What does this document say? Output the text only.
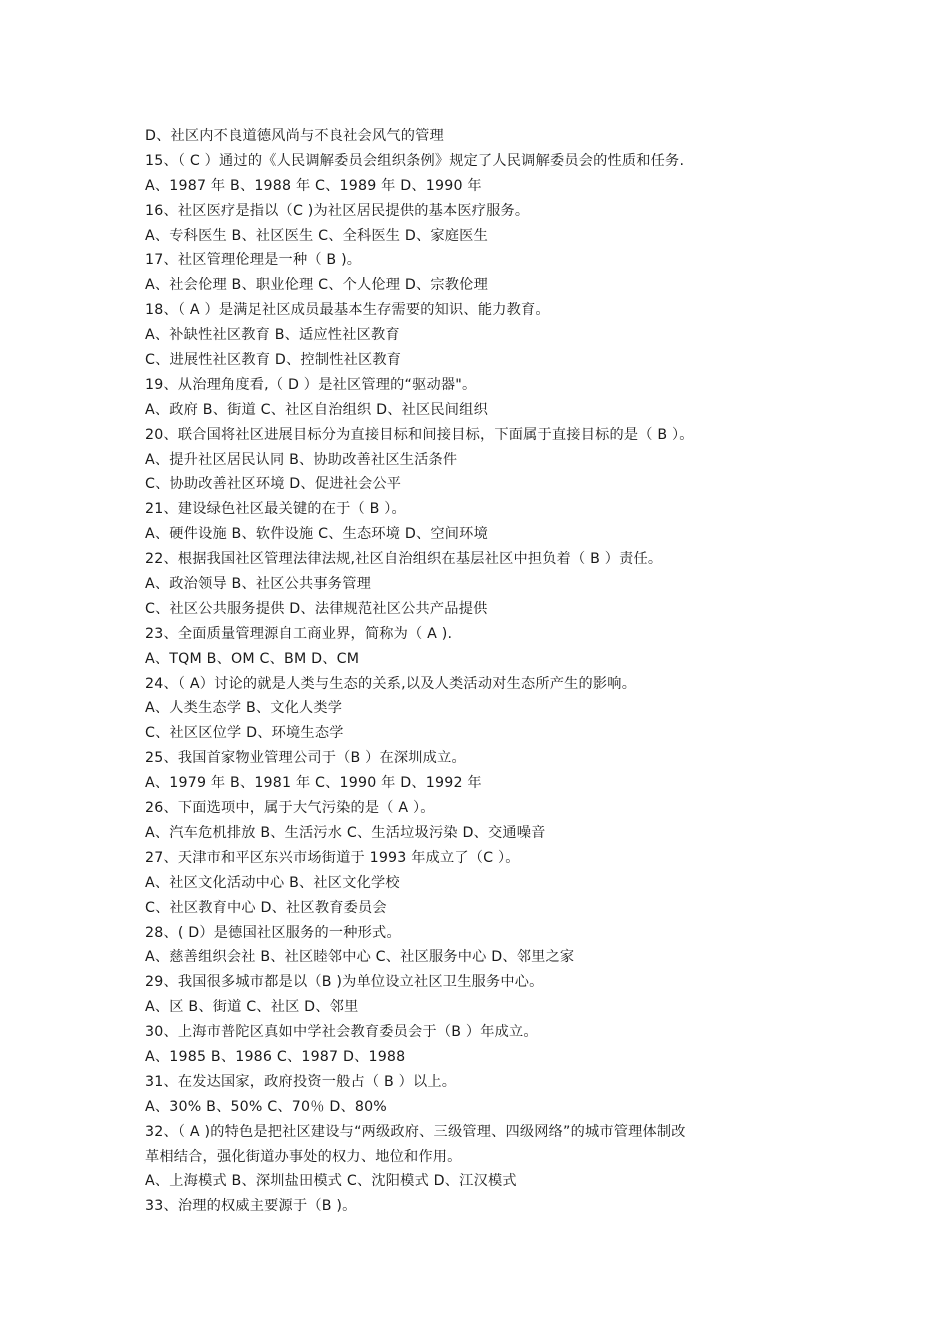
D、社区内不良道德风尚与不良社会风气的管理
15、（ C ）通过的《人民调解委员会组织条例》规定了人民调解委员会的性质和任务.
A、1987 年 B、1988 年 C、1989 年 D、1990 年
16、社区医疗是指以（C )为社区居民提供的基本医疗服务。
A、专科医生 B、社区医生 C、全科医生 D、家庭医生
17、社区管理伦理是一种（ B )。
A、社会伦理 B、职业伦理 C、个人伦理 D、宗教伦理
18、（ A ）是满足社区成员最基本生存需要的知识、能力教育。
A、补缺性社区教育 B、适应性社区教育
C、进展性社区教育 D、控制性社区教育
19、从治理角度看,（ D ）是社区管理的“驱动器"。
A、政府 B、街道 C、社区自治组织 D、社区民间组织
20、联合国将社区进展目标分为直接目标和间接目标，下面属于直接目标的是（ B ）。
A、提升社区居民认同 B、协助改善社区生活条件
C、协助改善社区环境 D、促进社会公平
21、建设绿色社区最关键的在于（ B ）。
A、硬件设施 B、软件设施 C、生态环境 D、空间环境
22、根据我国社区管理法律法规,社区自治组织在基层社区中担负着（ B ）责任。
A、政治领导 B、社区公共事务管理
C、社区公共服务提供 D、法律规范社区公共产品提供
23、全面质量管理源自工商业界，简称为（ A ).
A、TQM B、OM C、BM D、CM
24、（ A）讨论的就是人类与生态的关系,以及人类活动对生态所产生的影响。
A、人类生态学 B、文化人类学
C、社区区位学 D、环境生态学
25、我国首家物业管理公司于（B ）在深圳成立。
A、1979 年 B、1981 年 C、1990 年 D、1992 年
26、下面选项中，属于大气污染的是（ A ）。
A、汽车危机排放 B、生活污水 C、生活垃圾污染 D、交通噪音
27、天津市和平区东兴市场街道于 1993 年成立了（C ）。
A、社区文化活动中心 B、社区文化学校
C、社区教育中心 D、社区教育委员会
28、( D）是德国社区服务的一种形式。
A、慈善组织会社 B、社区睦邻中心 C、社区服务中心 D、邻里之家
29、我国很多城市都是以（B )为单位设立社区卫生服务中心。
A、区 B、街道 C、社区 D、邻里
30、上海市普陀区真如中学社会教育委员会于（B ）年成立。
A、1985 B、1986 C、1987 D、1988
31、在发达国家，政府投资一般占（ B ）以上。
A、30% B、50% C、70％ D、80%
32、（ A )的特色是把社区建设与“两级政府、三级管理、四级网络”的城市管理体制改
革相结合，强化街道办事处的权力、地位和作用。
A、上海模式 B、深圳盐田模式 C、沈阳模式 D、江汉模式
33、治理的权威主要源于（B )。
